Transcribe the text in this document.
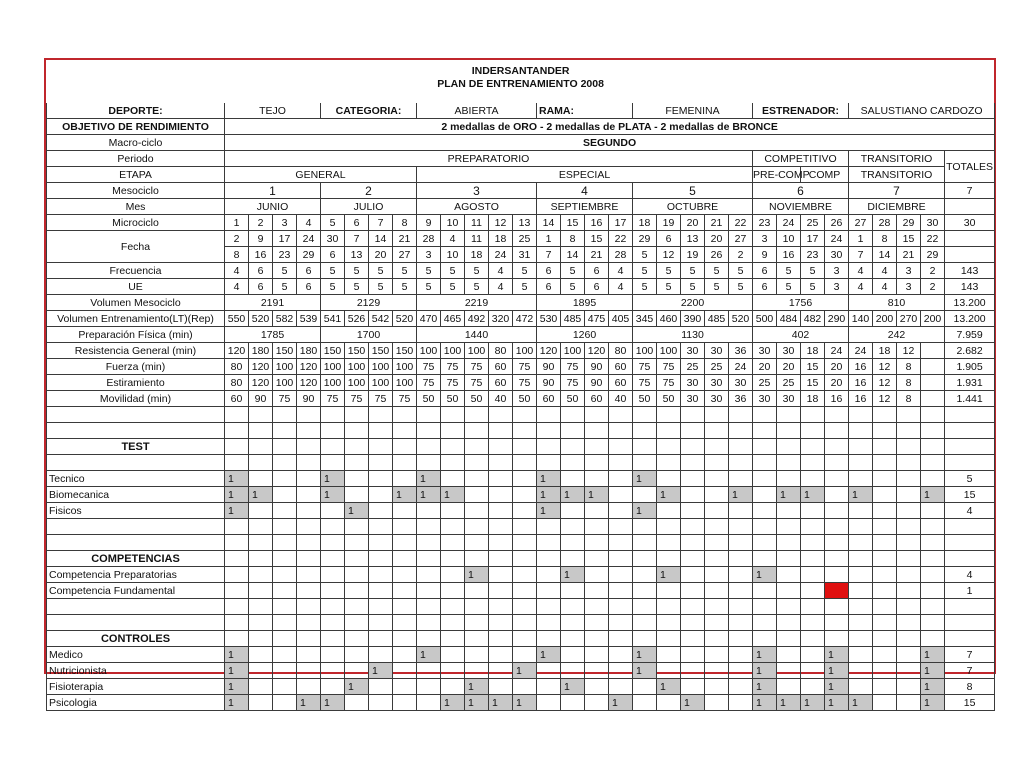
INDERSANTANDER
PLAN DE ENTRENAMIENTO 2008																															

DEPORTE:	TEJO				CATEGORIA:				ABIERTA					RAMA:				FEMENINA					ESTRENADOR:				SALUSTIANO CARDOZO				
OBJETIVO DE RENDIMIENTO	2 medallas de ORO - 2 medallas de PLATA - 2 medallas de BRONCE																														
Macro-ciclo	SEGUNDO																														
Periodo	PREPARATORIO																						COMPETITIVO				TRANSITORIO				TOTALES
ETAPA	GENERAL								ESPECIAL														PRE-COMP		COMP		TRANSITORIO				
Mesociclo	1				2				3					4				5					6				7				7
Mes	JUNIO				JULIO				AGOSTO					SEPTIEMBRE				OCTUBRE					NOVIEMBRE				DICIEMBRE				
Microciclo	1	2	3	4	5	6	7	8	9	10	11	12	13	14	15	16	17	18	19	20	21	22	23	24	25	26	27	28	29	30	30
Fecha	2	9	17	24	30	7	14	21	28	4	11	18	25	1	8	15	22	29	6	13	20	27	3	10	17	24	1	8	15	22	
	8	16	23	29	6	13	20	27	3	10	18	24	31	7	14	21	28	5	12	19	26	2	9	16	23	30	7	14	21	29	
Frecuencia	4	6	5	6	5	5	5	5	5	5	5	4	5	6	5	6	4	5	5	5	5	5	6	5	5	3	4	4	3	2	143
UE	4	6	5	6	5	5	5	5	5	5	5	4	5	6	5	6	4	5	5	5	5	5	6	5	5	3	4	4	3	2	143
Volumen Mesociclo	2191				2129				2219					1895				2200					1756				810				13.200
Volumen Entrenamiento(LT)(Rep)	550	520	582	539	541	526	542	520	470	465	492	320	472	530	485	475	405	345	460	390	485	520	500	484	482	290	140	200	270	200	13.200
Preparación Física (min)	1785				1700				1440					1260				1130					402				242				7.959
Resistencia General (min)	120	180	150	180	150	150	150	150	100	100	100	80	100	120	100	120	80	100	100	30	30	36	30	30	18	24	24	18	12		2.682
Fuerza (min)	80	120	100	120	100	100	100	100	75	75	75	60	75	90	75	90	60	75	75	25	25	24	20	20	15	20	16	12	8		1.905
Estiramiento	80	120	100	120	100	100	100	100	75	75	75	60	75	90	75	90	60	75	75	30	30	30	25	25	15	20	16	12	8		1.931
Movilidad (min)	60	90	75	90	75	75	75	75	50	50	50	40	50	60	50	60	40	50	50	30	30	36	30	30	18	16	16	12	8		1.441

TEST																															

Tecnico	1				1				1					1				1													5
Biomecanica	1	1			1			1	1	1				1	1	1			1			1		1	1		1			1	15
Fisicos	1					1								1				1													4

COMPETENCIAS																															
Competencia Preparatorias											1				1				1				1								4
Competencia Fundamental																										1					1

CONTROLES																															
Medico	1								1					1				1					1			1				1	7
Nutricionista	1						1						1					1					1			1				1	7
Fisioterapia	1					1					1				1				1				1			1				1	8
Psicologia	1			1	1					1	1	1	1				1			1			1	1	1	1	1			1	15
